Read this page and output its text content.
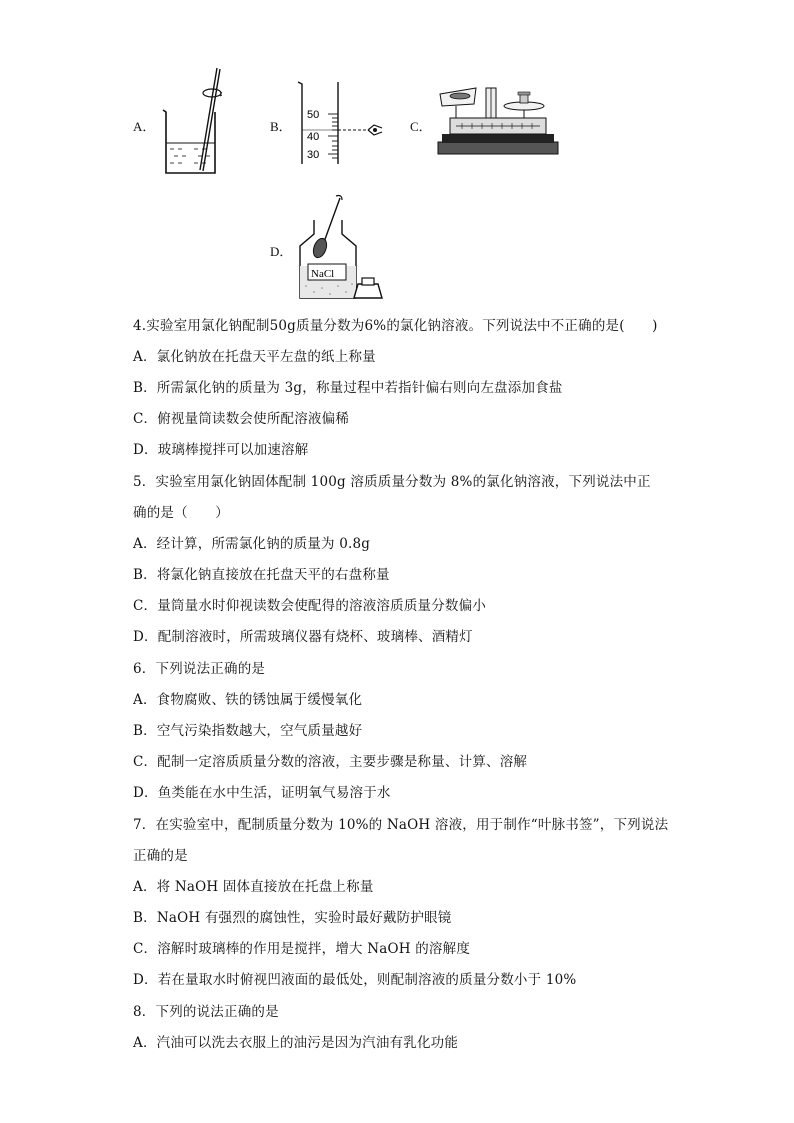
A．	B．	C．
D．
50
40
30
NaCl
4.实验室用氯化钠配制50g质量分数为6%的氯化钠溶液。下列说法中不正确的是(　　)
A．氯化钠放在托盘天平左盘的纸上称量
B．所需氯化钠的质量为 3g，称量过程中若指针偏右则向左盘添加食盐
C．俯视量筒读数会使所配溶液偏稀
D．玻璃棒搅拌可以加速溶解
5．实验室用氯化钠固体配制 100g 溶质质量分数为 8%的氯化钠溶液，下列说法中正
确的是（　　）
A．经计算，所需氯化钠的质量为 0.8g
B．将氯化钠直接放在托盘天平的右盘称量
C．量筒量水时仰视读数会使配得的溶液溶质质量分数偏小
D．配制溶液时，所需玻璃仪器有烧杯、玻璃棒、酒精灯
6．下列说法正确的是
A．食物腐败、铁的锈蚀属于缓慢氧化
B．空气污染指数越大，空气质量越好
C．配制一定溶质质量分数的溶液，主要步骤是称量、计算、溶解
D．鱼类能在水中生活，证明氧气易溶于水
7．在实验室中，配制质量分数为 10%的 NaOH 溶液，用于制作“叶脉书签”，下列说法
正确的是
A．将 NaOH 固体直接放在托盘上称量
B．NaOH 有强烈的腐蚀性，实验时最好戴防护眼镜
C．溶解时玻璃棒的作用是搅拌，增大 NaOH 的溶解度
D．若在量取水时俯视凹液面的最低处，则配制溶液的质量分数小于 10%
8．下列的说法正确的是
A．汽油可以洗去衣服上的油污是因为汽油有乳化功能
